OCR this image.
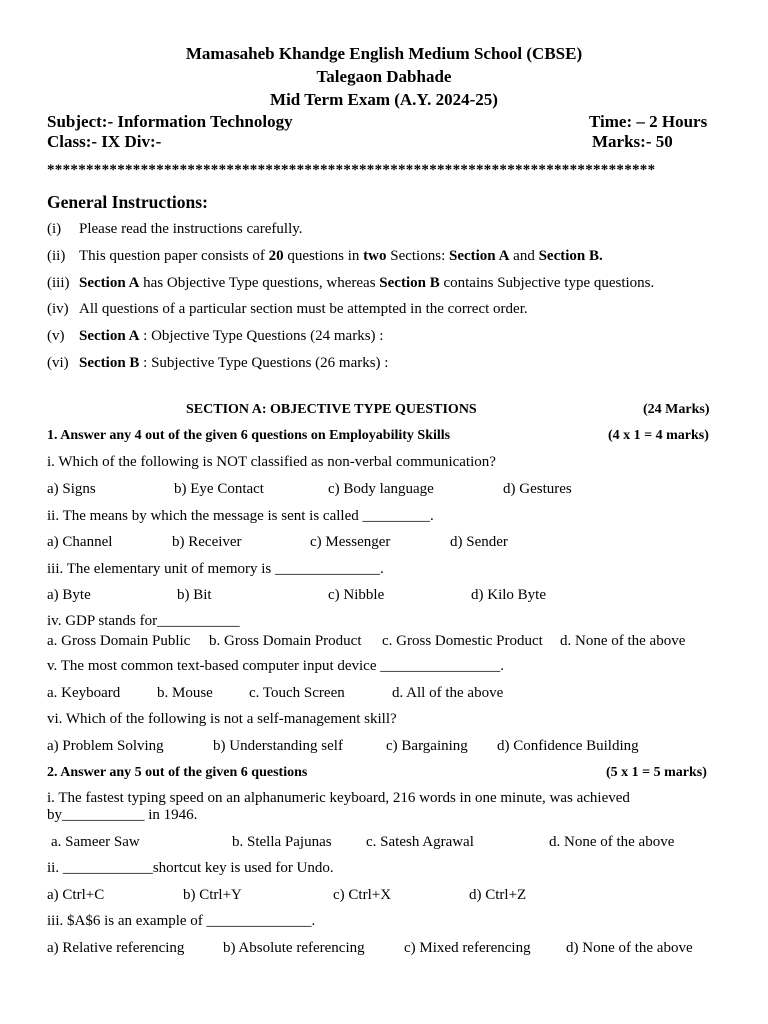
Mamasaheb Khandge English Medium School (CBSE)
Talegaon Dabhade
Mid Term Exam (A.Y. 2024-25)
Subject:- Information Technology	Time: – 2 Hours
Class:- IX Div:-	Marks:- 50
******************************************************************************
General Instructions:
(i) Please read the instructions carefully.
(ii) This question paper consists of 20 questions in two Sections: Section A and Section B.
(iii) Section A has Objective Type questions, whereas Section B contains Subjective type questions.
(iv) All questions of a particular section must be attempted in the correct order.
(v) Section A : Objective Type Questions (24 marks) :
(vi) Section B : Subjective Type Questions (26 marks) :
SECTION A: OBJECTIVE TYPE QUESTIONS	(24 Marks)
1. Answer any 4 out of the given 6 questions on Employability Skills	(4 x 1 = 4 marks)
i. Which of the following is NOT classified as non-verbal communication?
a) Signs	b) Eye Contact	c) Body language	d) Gestures
ii. The means by which the message is sent is called _________.
a) Channel	b) Receiver	c) Messenger	d) Sender
iii. The elementary unit of memory is ______________.
a) Byte	b) Bit	c) Nibble	d) Kilo Byte
iv. GDP stands for___________
a. Gross Domain Public b. Gross Domain Product c. Gross Domestic Product d. None of the above
v. The most common text-based computer input device ________________.
a. Keyboard b. Mouse c. Touch Screen	d. All of the above
vi. Which of the following is not a self-management skill?
a) Problem Solving	b) Understanding self	c) Bargaining d) Confidence Building
2. Answer any 5 out of the given 6 questions	(5 x 1 = 5 marks)
i. The fastest typing speed on an alphanumeric keyboard, 216 words in one minute, was achieved
by___________ in 1946.
a. Sameer Saw	b. Stella Pajunas c. Satesh Agrawal	d. None of the above
ii. ____________shortcut key is used for Undo.
a) Ctrl+C	b) Ctrl+Y	c) Ctrl+X	d) Ctrl+Z
iii. $A$6 is an example of ______________.
a) Relative referencing	b) Absolute referencing	c) Mixed referencing d) None of the above
